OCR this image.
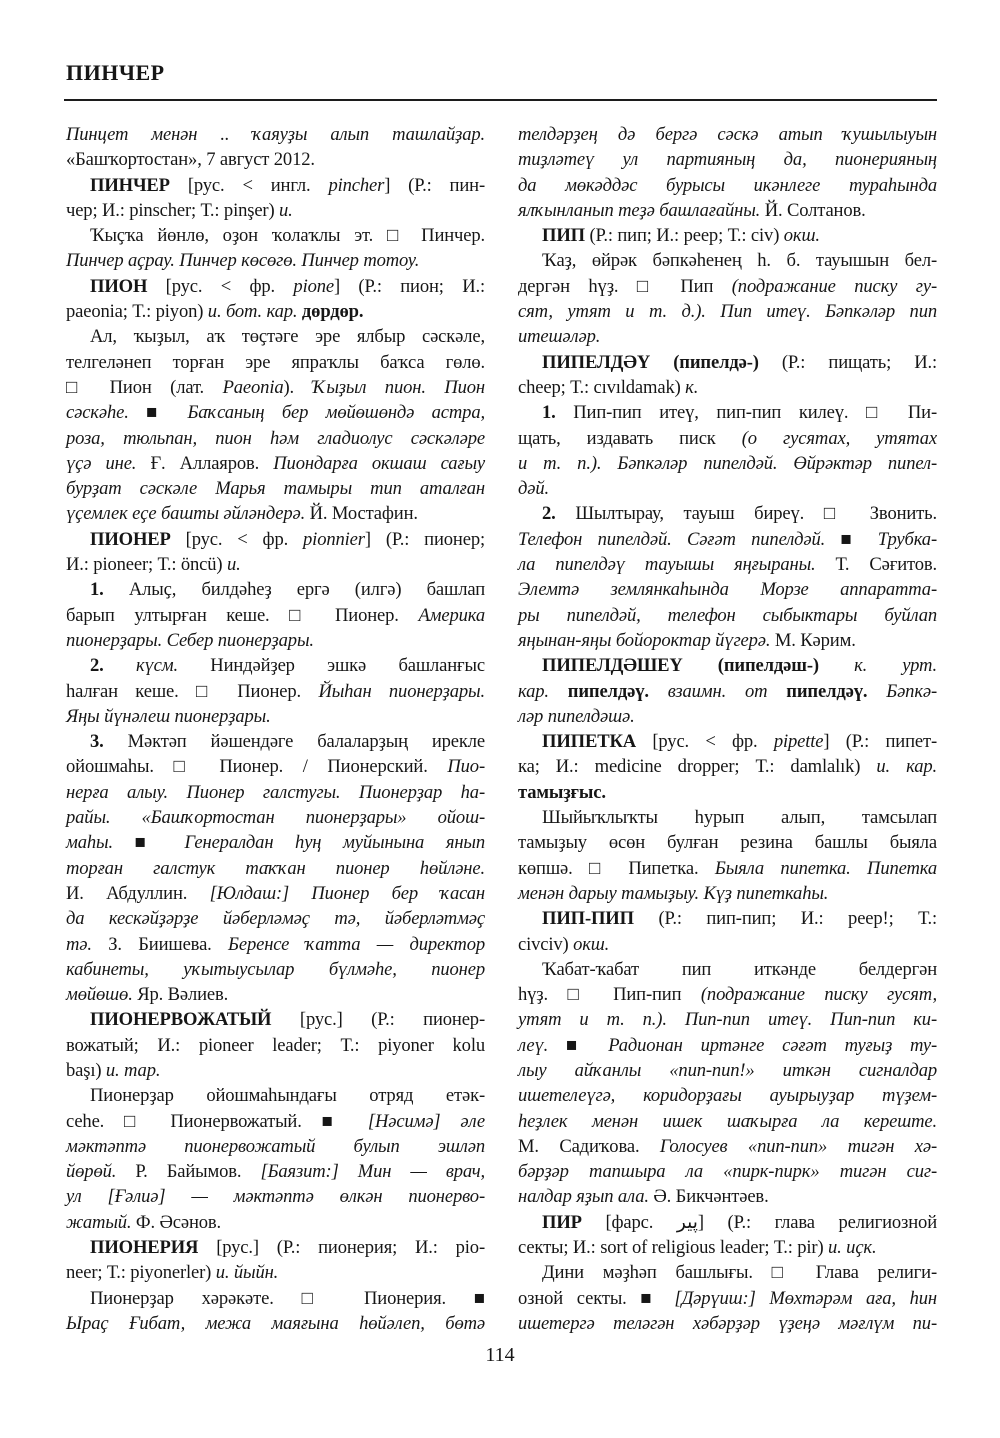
ПИНЧЕР
Пинцет менән .. ҡаяуҙы алып ташлайҙар.
«Башҡортостан», 7 август 2012.
ПИНЧЕР [рус. < ингл. pincher] (Р.: пин-
чер; И.: pinscher; Т.: pinşer) и.
Ҡыҫҡа йөнлө, оҙон ҡолаҡлы эт. □ Пинчер.
Пинчер аҫрау. Пинчер көсөгө. Пинчер тотоу.
ПИОН [рус. < фр. pione] (Р.: пион; И.:
paeonia; Т.: piyon) и. бот. кар. дөрдөр.
Ал, ҡыҙыл, аҡ төҫтәге эре ялбыр сәскәле,
телгеләнеп торған эре япраҡлы баҡса гөлө.
□ Пион (лат. Paeonia). Ҡыҙыл пион. Пион
сәскәһе. ■ Баҡсаның бер мөйөшөндә астра,
роза, тюльпан, пион һәм гладиолус сәскәләре
үҫә ине. Ғ. Аллаяров. Пиондарға окшаш сағыу
бурҙат сәскәле Марья тамыры тип аталған
үҫемлек еҫе башты әйләндерә. Й. Мостафин.
ПИОНЕР [рус. < фр. pionnier] (Р.: пионер;
И.: pioneer; Т.: öncü) и.
1. Алыҫ, билдәһеҙ ергә (илгә) башлап
барып ултырған кеше. □ Пионер. Америка
пионерҙары. Себер пионерҙары.
2. күсм. Ниндәйҙер эшкә башланғыс
һалған кеше. □ Пионер. Йыһан пионерҙары.
Яңы йүнәлеш пионерҙары.
3. Мәктәп йәшендәге балаларҙың ирекле
ойошмаһы. □ Пионер. / Пионерский. Пио-
нерға алыу. Пионер галстугы. Пионерҙар һа-
райы. «Башҡортостан пионерҙары» ойош-
маһы. ■ Генералдан һуң муйынына янып
торған галстук таҡҡан пионер һөйләне.
И. Абдуллин. [Юлдаш:] Пионер бер ҡасан
да кескәйҙәрҙе йәберләмәҫ тә, йәберләтмәҫ
тә. З. Биишева. Беренсе ҡатта — директор
кабинеты, уҡытыусылар бүлмәһе, пионер
мөйөшө. Яр. Вәлиев.
ПИОНЕРВОЖАТЫЙ [рус.] (Р.: пионер-
вожатый; И.: pioneer leader; Т.: piyoner kolu
başı) и. тар.
Пионерҙар ойошмаһындағы отряд етәк-
сеһе. □ Пионервожатый. ■ [Нәсимә] әле
мәктәптә пионервожатый булып эшләп
йөрөй. Р. Байымов. [Баязит:] Мин — врач,
ул [Ғәлиә] — мәктәптә өлкән пионерво-
жатый. Ф. Әсәнов.
ПИОНЕРИЯ [рус.] (Р.: пионерия; И.: pio-
neer; Т.: piyonerler) и. йыйн.
Пионерҙар хәрәкәте. □ Пионерия. ■
Ыраҫ Ғибат, межа маяғына һөйәлеп, бөтә
телдәрҙең дә бергә сәскә атып ҡушылыуын
тиҙләтеү ул партияның да, пионерияның
да мөкәддәс бурысы икәнлеге тураһында
ялҡынланып теҙә башлағайны. Й. Солтанов.
ПИП (Р.: пип; И.: peep; Т.: civ) окш.
Ҡаҙ, өйрәк бәпкәһенең һ. б. тауышын бел-
дергән һүҙ. □ Пип (подражание писку гу-
сят, утят и т. д.). Пип итеү. Бәпкәләр пип
итешәләр.
ПИПЕЛДӘҮ (пипелдә-) (Р.: пищать; И.:
cheep; Т.: cıvıldamak) к.
1. Пип-пип итеү, пип-пип килеү. □ Пи-
щать, издавать писк (о гусятах, утятах
и т. п.). Бәпкәләр пипелдәй. Өйрәктәр пипел-
дәй.
2. Шылтырау, тауыш биреү. □ Звонить.
Телефон пипелдәй. Сәғәт пипелдәй. ■ Трубка-
ла пипелдәү тауышы яңғыраны. Т. Сәғитов.
Элемтә землянкаһында Морзе аппаратта-
ры пипелдәй, телефон сыбыктары буйлап
яңынан-яңы бойороктар йүгерә. М. Кәрим.
ПИПЕЛДӘШЕҮ (пипелдәш-) к. урт.
кар. пипелдәү. взаимн. от пипелдәү. Бәпкә-
ләр пипелдәшә.
ПИПЕТКА [рус. < фр. pipette] (Р.: пипет-
ка; И.: medicine dropper; Т.: damlalık) и. кар.
тамыҙғыс.
Шыйыҡлыҡты һурып алып, тамсылап
тамыҙыу өсөн булған резина башлы быяла
көпшә. □ Пипетка. Быяла пипетка. Пипетка
менән дарыу тамыҙыу. Күҙ пипеткаһы.
ПИП-ПИП (Р.: пип-пип; И.: peep!; Т.:
civciv) окш.
Ҡабат-ҡабат пип иткәнде белдергән
һүҙ. □ Пип-пип (подражание писку гусят,
утят и т. п.). Пип-пип итеү. Пип-пип ки-
леү. ■ Радионан иртәнге сәғәт туғыҙ ту-
лыу айҡанлы «пип-пип!» иткән сигналдар
ишетелеүгә, коридорҙағы ауырыуҙар түҙем-
һеҙлек менән ишек шаҡырға ла кереште.
М. Садиҡова. Голосуев «пип-пип» тигән хә-
бәрҙәр тапшыра ла «пирк-пирк» тигән сиг-
налдар яҙып ала. Ә. Бикчәнтәев.
ПИР [фарс. پير] (Р.: глава религиозной
секты; И.: sort of religious leader; Т.: pir) и. иҫк.
Дини мәҙһәп башлығы. □ Глава религи-
озной секты. ■ [Дәрүиш:] Мөхтәрәм аға, һин
ишетергә теләгән хәбәрҙәр үҙеңә мәғлүм пи-
114
